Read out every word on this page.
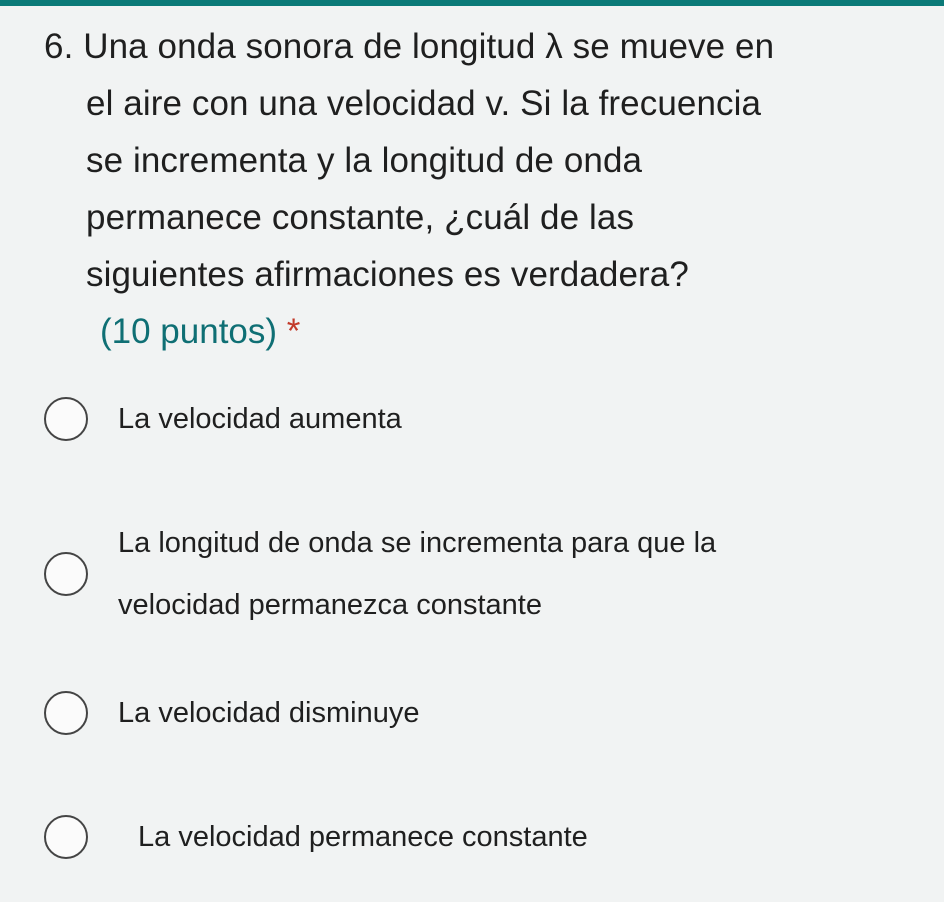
6. Una onda sonora de longitud λ se mueve en
el aire con una velocidad v. Si la frecuencia
se incrementa y la longitud de onda
permanece constante, ¿cuál de las
siguientes afirmaciones es verdadera?
(10 puntos) *
La velocidad aumenta
La longitud de onda se incrementa para que la
velocidad permanezca constante
La velocidad disminuye
La velocidad permanece constante
